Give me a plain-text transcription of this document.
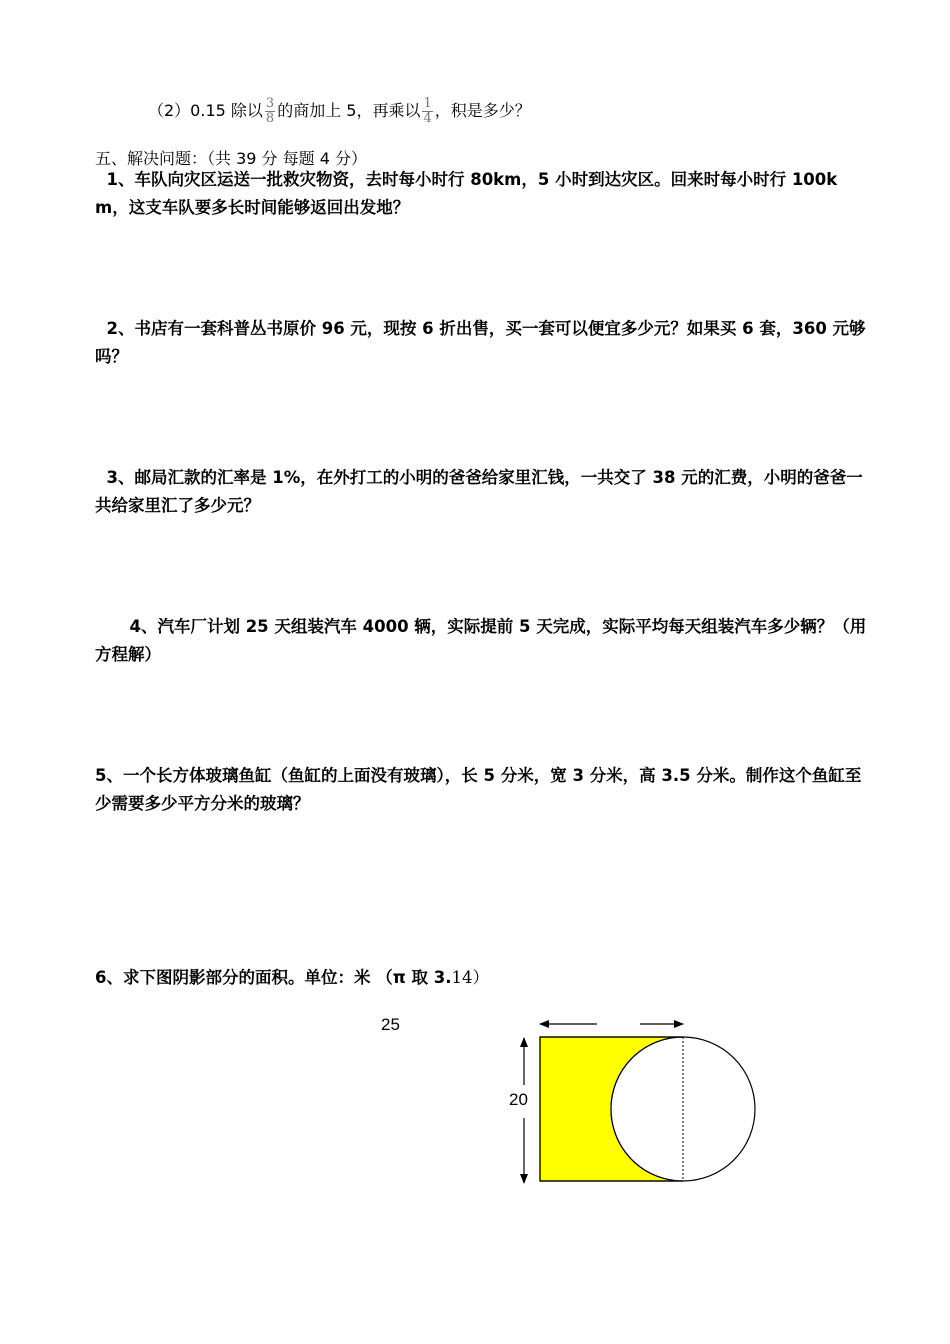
（2）0.15 除以 $\frac{3}{8}$ 的商加上 5，再乘以 $\frac{1}{4}$ ，积是多少？
五、解决问题：（共 39 分 每题 4 分）
1、车队向灾区运送一批救灾物资，去时每小时行 80km，5 小时到达灾区。回来时每小时行 100km，这支车队要多长时间能够返回出发地？
2、书店有一套科普丛书原价 96 元，现按 6 折出售，买一套可以便宜多少元？如果买 6 套，360 元够吗？
3、邮局汇款的汇率是 1%，在外打工的小明的爸爸给家里汇钱，一共交了 38 元的汇费，小明的爸爸一共给家里汇了多少元？
4、汽车厂计划 25 天组装汽车 4000 辆，实际提前 5 天完成，实际平均每天组装汽车多少辆？（用方程解）
5、一个长方体玻璃鱼缸（鱼缸的上面没有玻璃），长 5 分米，宽 3 分米，高 3.5 分米。制作这个鱼缸至少需要多少平方分米的玻璃？
6、求下图阴影部分的面积。单位：米 （π 取 3.14）
25
20
